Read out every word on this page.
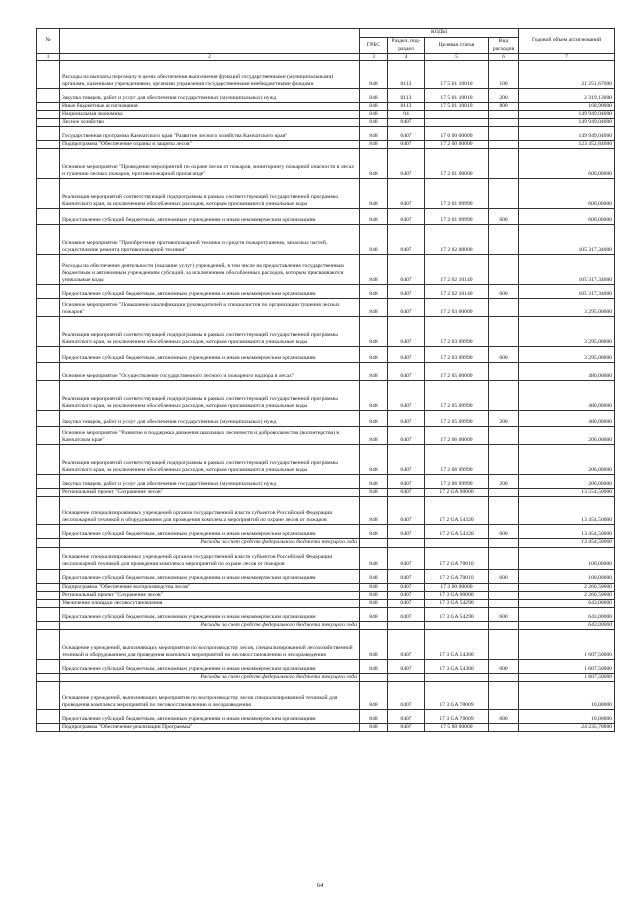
№		КОДЫ				Годовой объем ассигнований
		ГРБС	Раздел, под-раздел	Целевая статья	Вид расходов	
1	2	3	4	5	6	7
	Расходы на выплаты персоналу в целях обеспечения выполнения функций государственными (муниципальными) органами, казенными учреждениями, органами управления государственными внебюджетными фондами	848	0113	17 5 01 10010	100	31 251,67000
	Закупка товаров, работ и услуг для обеспечения государственных (муниципальных) нужд	848	0113	17 5 01 10010	200	2 319,13000
	Иные бюджетные ассигнования	848	0113	17 5 01 10010	800	168,90000
	Национальная экономика	848	04			149 949,04000
	Лесное хозяйство	848	0407			149 949,04000
	Государственная программа Камчатского края "Развитие лесного хозяйства Камчатского края"	848	0407	17 0 00 00000		149 949,04000
	Подпрограмма "Обеспечение охраны и защиты лесов"	848	0407	17 2 00 00000		123 452,84000
	Основное мероприятие "Проведение мероприятий по охране лесов от пожаров, мониторингу пожарной опасности в лесах и тушению лесных пожаров, противопожарной пропаганде"	848	0407	17 2 01 00000		600,00000
	Реализация мероприятий соответствующей подпрограммы в рамках соответствующей государственной программы Камчатского края, за исключением обособленных расходов, которым присваиваются уникальные коды	848	0407	17 2 01 09990		600,00000
	Предоставление субсидий бюджетным, автономным учреждениям и иным некоммерческим организациям	848	0407	17 2 01 09990	600	600,00000
	Основное мероприятие "Приобретение противопожарной техники и средств пожаротушения, запасных частей, осуществление ремонта противопожарной техники"	848	0407	17 2 02 00000		105 317,34000
	Расходы на обеспечение деятельности (оказание услуг) учреждений, в том числе на предоставление государственным бюджетным и автономным учреждениям субсидий, за исключением обособленных расходов, которым присваиваются уникальные коды	848	0407	17 2 02 10140		105 317,34000
	Предоставление субсидий бюджетным, автономным учреждениям и иным некоммерческим организациям	848	0407	17 2 02 10140	600	105 317,34000
	Основное мероприятие "Повышение квалификации руководителей и специалистов по организации тушения лесных пожаров"	848	0407	17 2 03 00000		3 295,00000
	Реализация мероприятий соответствующей подпрограммы в рамках соответствующей государственной программы Камчатского края, за исключением обособленных расходов, которым присваиваются уникальные коды	848	0407	17 2 03 09990		3 295,00000
	Предоставление субсидий бюджетным, автономным учреждениям и иным некоммерческим организациям	848	0407	17 2 03 09990	600	3 295,00000
	Основное мероприятие "Осуществление государственного лесного и пожарного надзора в лесах"	848	0407	17 2 05 00000		480,00000
	Реализация мероприятий соответствующей подпрограммы в рамках соответствующей государственной программы Камчатского края, за исключением обособленных расходов, которым присваиваются уникальные коды	848	0407	17 2 05 09990		480,00000
	Закупка товаров, работ и услуг для обеспечения государственных (муниципальных) нужд	848	0407	17 2 05 09990	200	480,00000
	Основное мероприятие "Развитие и поддержка движения школьных лесничеств и добровольчества (волонтерства) в Камчатском крае"	848	0407	17 2 06 00000		206,00000
	Реализация мероприятий соответствующей подпрограммы в рамках соответствующей государственной программы Камчатского края, за исключением обособленных расходов, которым присваиваются уникальные коды	848	0407	17 2 06 09990		206,00000
	Закупка товаров, работ и услуг для обеспечения государственных (муниципальных) нужд	848	0407	17 2 06 09990	200	206,00000
	Региональный проект "Сохранение лесов"	848	0407	17 2 GA 00000		13 554,50000
	Оснащение специализированных учреждений органов государственной власти субъектов Российской Федерации лесопожарной техникой и оборудованием для проведения комплекса мероприятий по охране лесов от пожаров	848	0407	17 2 GA 54320		13 454,50000
	Предоставление субсидий бюджетным, автономным учреждениям и иным некоммерческим организациям	848	0407	17 2 GA 54320	600	13 454,50000
	Расходы за счет средств федерального бюджета текущего года					13 454,50000
	Оснащение специализированных учреждений органов государственной власти субъектов Российской Федерации лесопожарной техникой для проведения комплекса мероприятий по охране лесов от пожаров	848	0407	17 2 GA 70010		100,00000
	Предоставление субсидий бюджетным, автономным учреждениям и иным некоммерческим организациям	848	0407	17 2 GA 70010	600	100,00000
	Подпрограмма "Обеспечение воспроизводства лесов"	848	0407	17 3 00 00000		2 260,50000
	Региональный проект "Сохранение лесов"	848	0407	17 3 GA 00000		2 260,50000
	Увеличение площади лесовосстановления	848	0407	17 3 GA 54290		643,00000
	Предоставление субсидий бюджетным, автономным учреждениям и иным некоммерческим организациям	848	0407	17 3 GA 54290	600	643,00000
	Расходы за счет средств федерального бюджета текущего года					643,00000
	Оснащение учреждений, выполняющих мероприятия по воспроизводству лесов, специализированной лесохозяйственной техникой и оборудованием для проведения комплекса мероприятий по лесовосстановлению и лесоразведению	848	0407	17 3 GA 54300		1 607,50000
	Предоставление субсидий бюджетным, автономным учреждениям и иным некоммерческим организациям	848	0407	17 3 GA 54300	600	1 607,50000
	Расходы за счет средств федерального бюджета текущего года					1 607,50000
	Оснащение учреждений, выполняющих мероприятия по воспроизводству лесов специализированной техникой для проведения комплекса мероприятий по лесовосстановлению и лесоразведению	848	0407	17 3 GA 70009		10,00000
	Предоставление субсидий бюджетным, автономным учреждениям и иным некоммерческим организациям	848	0407	17 3 GA 70009	600	10,00000
	Подпрограмма "Обеспечение реализации Программы"	848	0407	17 5 00 00000		24 235,70000
64
